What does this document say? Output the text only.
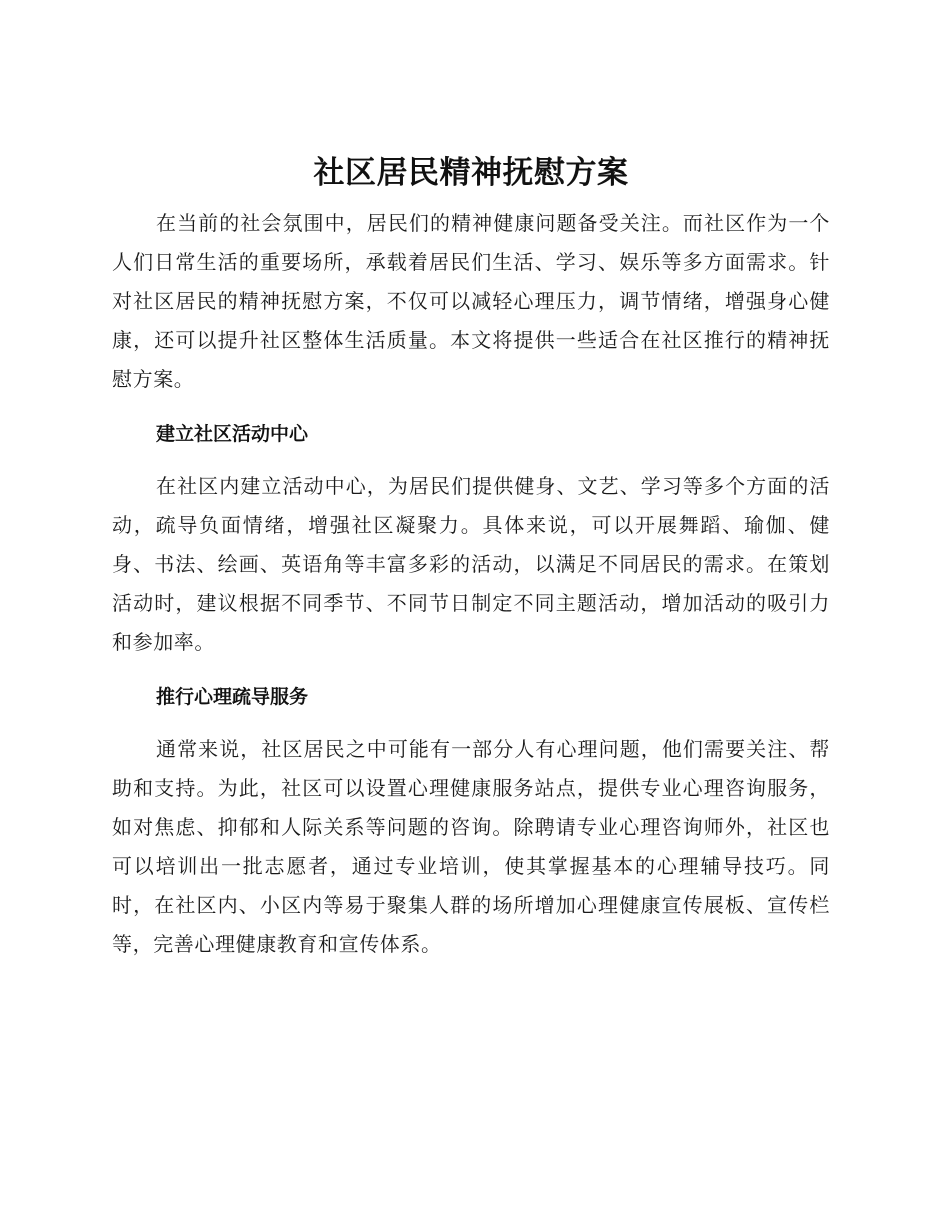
社区居民精神抚慰方案

在当前的社会氛围中，居民们的精神健康问题备受关注。而社区作为一个人们日常生活的重要场所，承载着居民们生活、学习、娱乐等多方面需求。针对社区居民的精神抚慰方案，不仅可以减轻心理压力，调节情绪，增强身心健康，还可以提升社区整体生活质量。本文将提供一些适合在社区推行的精神抚慰方案。

建立社区活动中心

在社区内建立活动中心，为居民们提供健身、文艺、学习等多个方面的活动，疏导负面情绪，增强社区凝聚力。具体来说，可以开展舞蹈、瑜伽、健身、书法、绘画、英语角等丰富多彩的活动，以满足不同居民的需求。在策划活动时，建议根据不同季节、不同节日制定不同主题活动，增加活动的吸引力和参加率。

推行心理疏导服务

通常来说，社区居民之中可能有一部分人有心理问题，他们需要关注、帮助和支持。为此，社区可以设置心理健康服务站点，提供专业心理咨询服务，如对焦虑、抑郁和人际关系等问题的咨询。除聘请专业心理咨询师外，社区也可以培训出一批志愿者，通过专业培训，使其掌握基本的心理辅导技巧。同时，在社区内、小区内等易于聚集人群的场所增加心理健康宣传展板、宣传栏等，完善心理健康教育和宣传体系。
